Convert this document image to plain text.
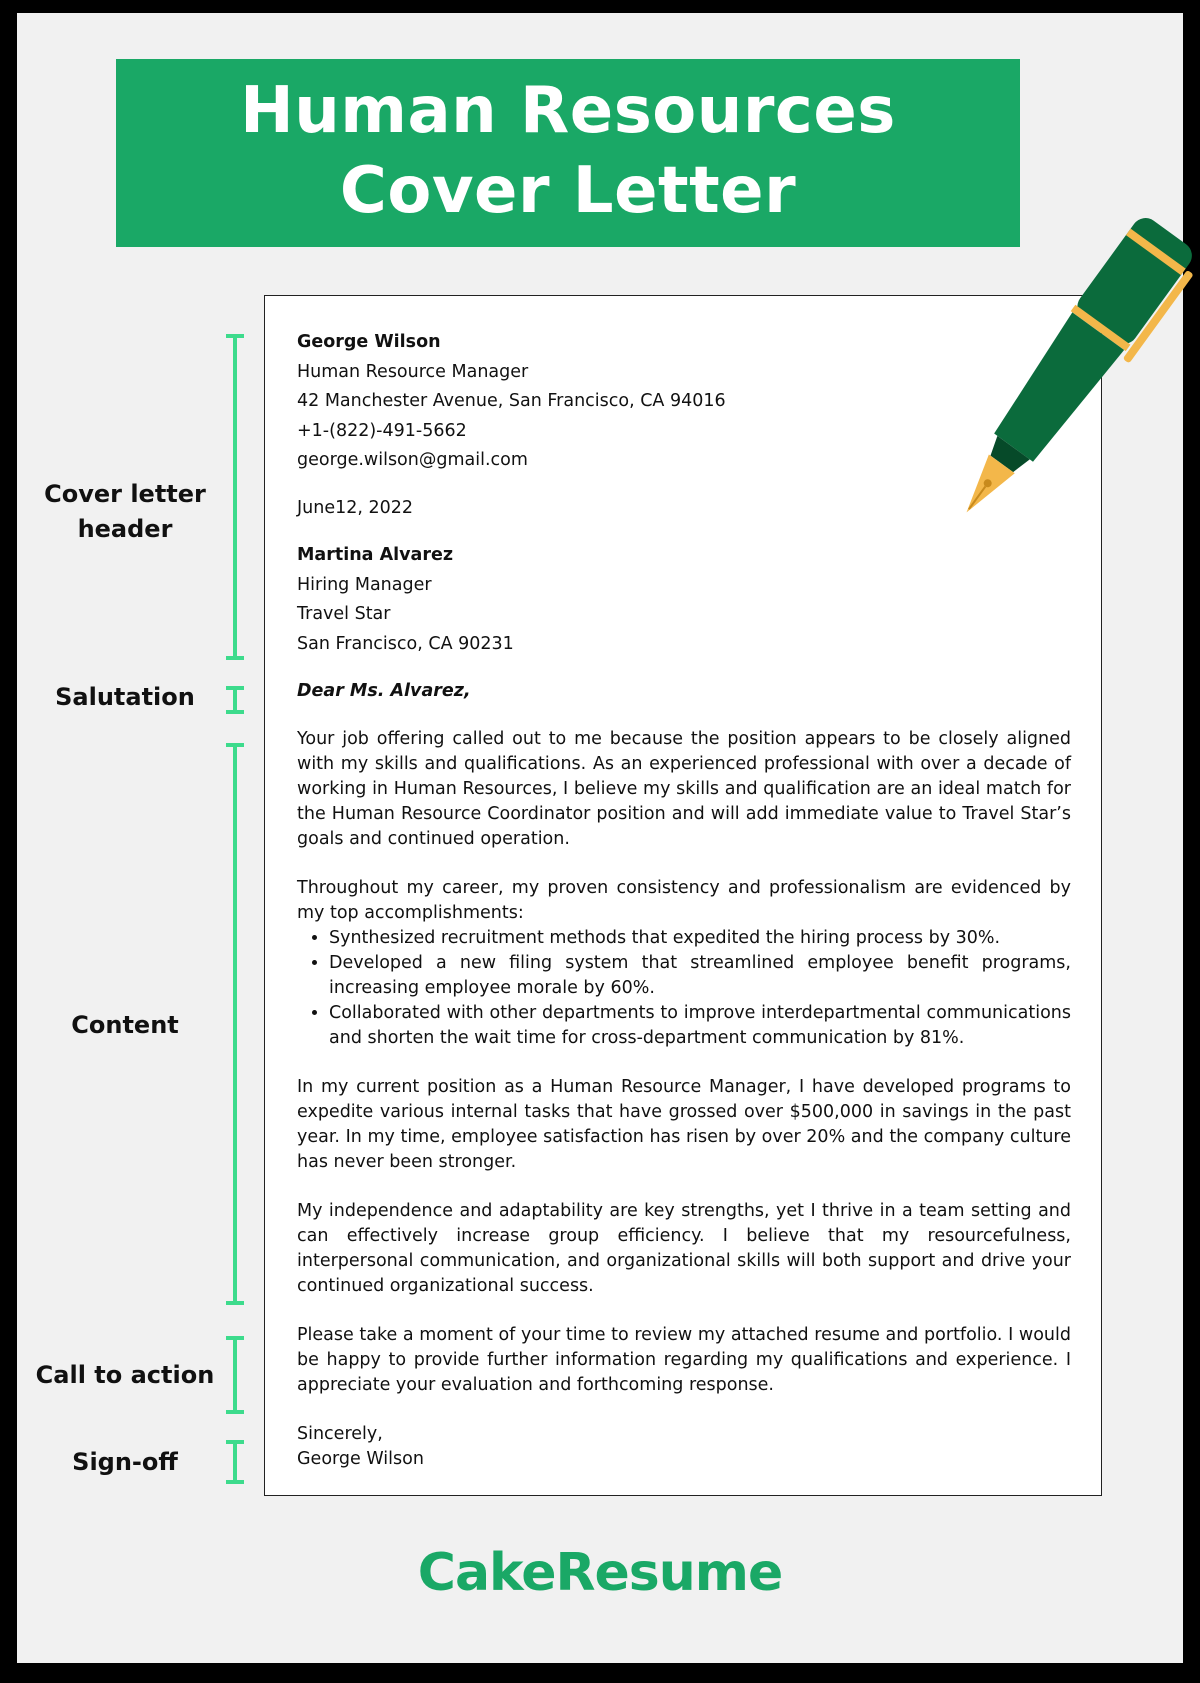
Human Resources
Cover Letter
Cover letter header
Salutation
Content
Call to action
Sign-off
George Wilson
Human Resource Manager
42 Manchester Avenue, San Francisco, CA 94016
+1-(822)-491-5662
george.wilson@gmail.com
June12, 2022
Martina Alvarez
Hiring Manager
Travel Star
San Francisco, CA 90231
Dear Ms. Alvarez,

Your job offering called out to me because the position appears to be closely aligned with my skills and qualifications. As an experienced professional with over a decade of working in Human Resources, I believe my skills and qualification are an ideal match for the Human Resource Coordinator position and will add immediate value to Travel Star’s goals and continued operation.

Throughout my career, my proven consistency and professionalism are evidenced by my top accomplishments:

• Synthesized recruitment methods that expedited the hiring process by 30%.
• Developed a new filing system that streamlined employee benefit programs, increasing employee morale by 60%.
• Collaborated with other departments to improve interdepartmental communications and shorten the wait time for cross-department communication by 81%.

In my current position as a Human Resource Manager, I have developed programs to expedite various internal tasks that have grossed over $500,000 in savings in the past year. In my time, employee satisfaction has risen by over 20% and the company culture has never been stronger.

My independence and adaptability are key strengths, yet I thrive in a team setting and can effectively increase group efficiency. I believe that my resourcefulness, interpersonal communication, and organizational skills will both support and drive your continued organizational success.

Please take a moment of your time to review my attached resume and portfolio. I would be happy to provide further information regarding my qualifications and experience. I appreciate your evaluation and forthcoming response.

Sincerely,
George Wilson
CakeResume
